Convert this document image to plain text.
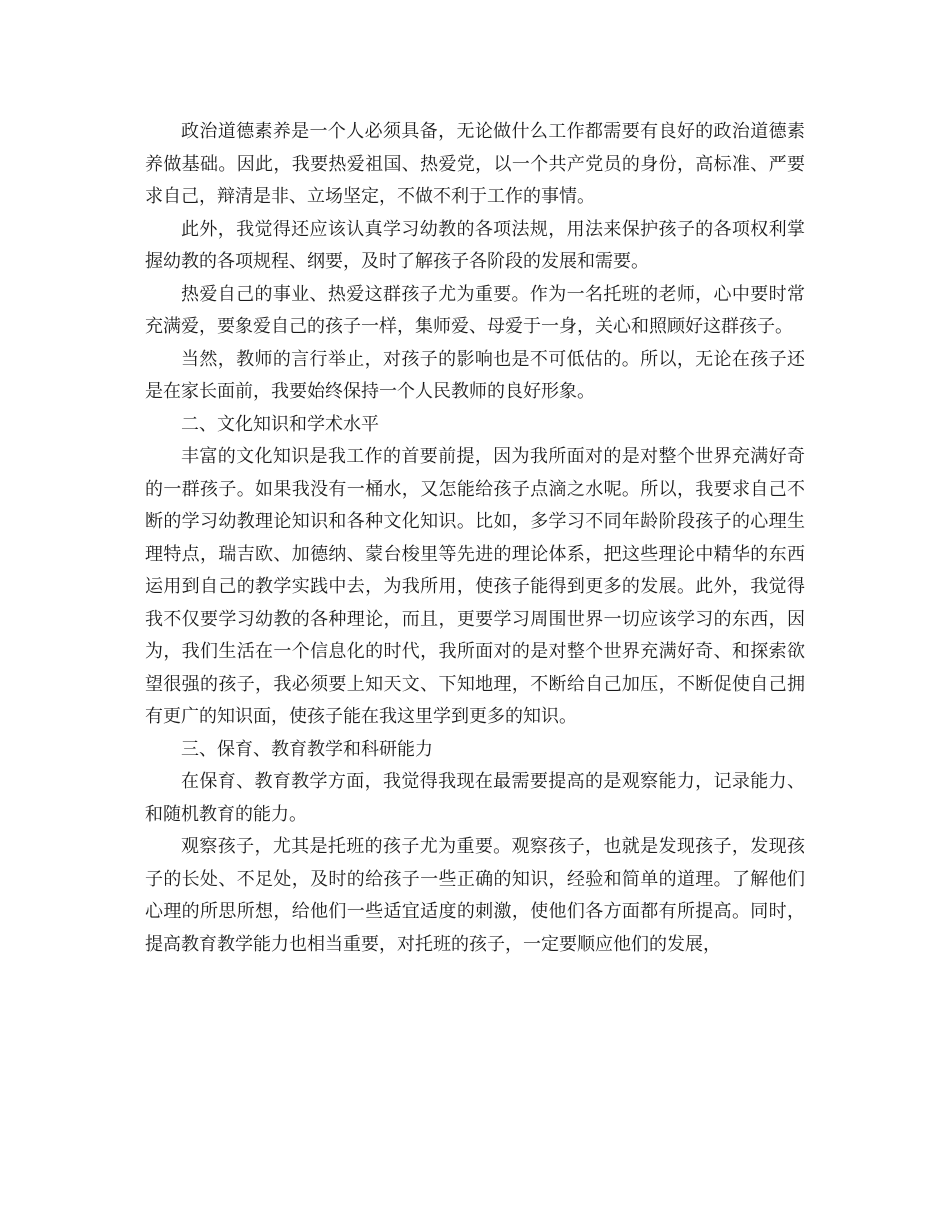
政治道德素养是一个人必须具备，无论做什么工作都需要有良好的政治道德素养做基础。因此，我要热爱祖国、热爱党，以一个共产党员的身份，高标准、严要求自己，辩清是非、立场坚定，不做不利于工作的事情。

此外，我觉得还应该认真学习幼教的各项法规，用法来保护孩子的各项权利掌握幼教的各项规程、纲要，及时了解孩子各阶段的发展和需要。

热爱自己的事业、热爱这群孩子尤为重要。作为一名托班的老师，心中要时常充满爱，要象爱自己的孩子一样，集师爱、母爱于一身，关心和照顾好这群孩子。

当然，教师的言行举止，对孩子的影响也是不可低估的。所以，无论在孩子还是在家长面前，我要始终保持一个人民教师的良好形象。

二、文化知识和学术水平

丰富的文化知识是我工作的首要前提，因为我所面对的是对整个世界充满好奇的一群孩子。如果我没有一桶水，又怎能给孩子点滴之水呢。所以，我要求自己不断的学习幼教理论知识和各种文化知识。比如，多学习不同年龄阶段孩子的心理生理特点，瑞吉欧、加德纳、蒙台梭里等先进的理论体系，把这些理论中精华的东西运用到自己的教学实践中去，为我所用，使孩子能得到更多的发展。此外，我觉得我不仅要学习幼教的各种理论，而且，更要学习周围世界一切应该学习的东西，因为，我们生活在一个信息化的时代，我所面对的是对整个世界充满好奇、和探索欲望很强的孩子，我必须要上知天文、下知地理，不断给自己加压，不断促使自己拥有更广的知识面，使孩子能在我这里学到更多的知识。

三、保育、教育教学和科研能力

在保育、教育教学方面，我觉得我现在最需要提高的是观察能力，记录能力、和随机教育的能力。

观察孩子，尤其是托班的孩子尤为重要。观察孩子，也就是发现孩子，发现孩子的长处、不足处，及时的给孩子一些正确的知识，经验和简单的道理。了解他们心理的所思所想，给他们一些适宜适度的刺激，使他们各方面都有所提高。同时，提高教育教学能力也相当重要，对托班的孩子，一定要顺应他们的发展，
